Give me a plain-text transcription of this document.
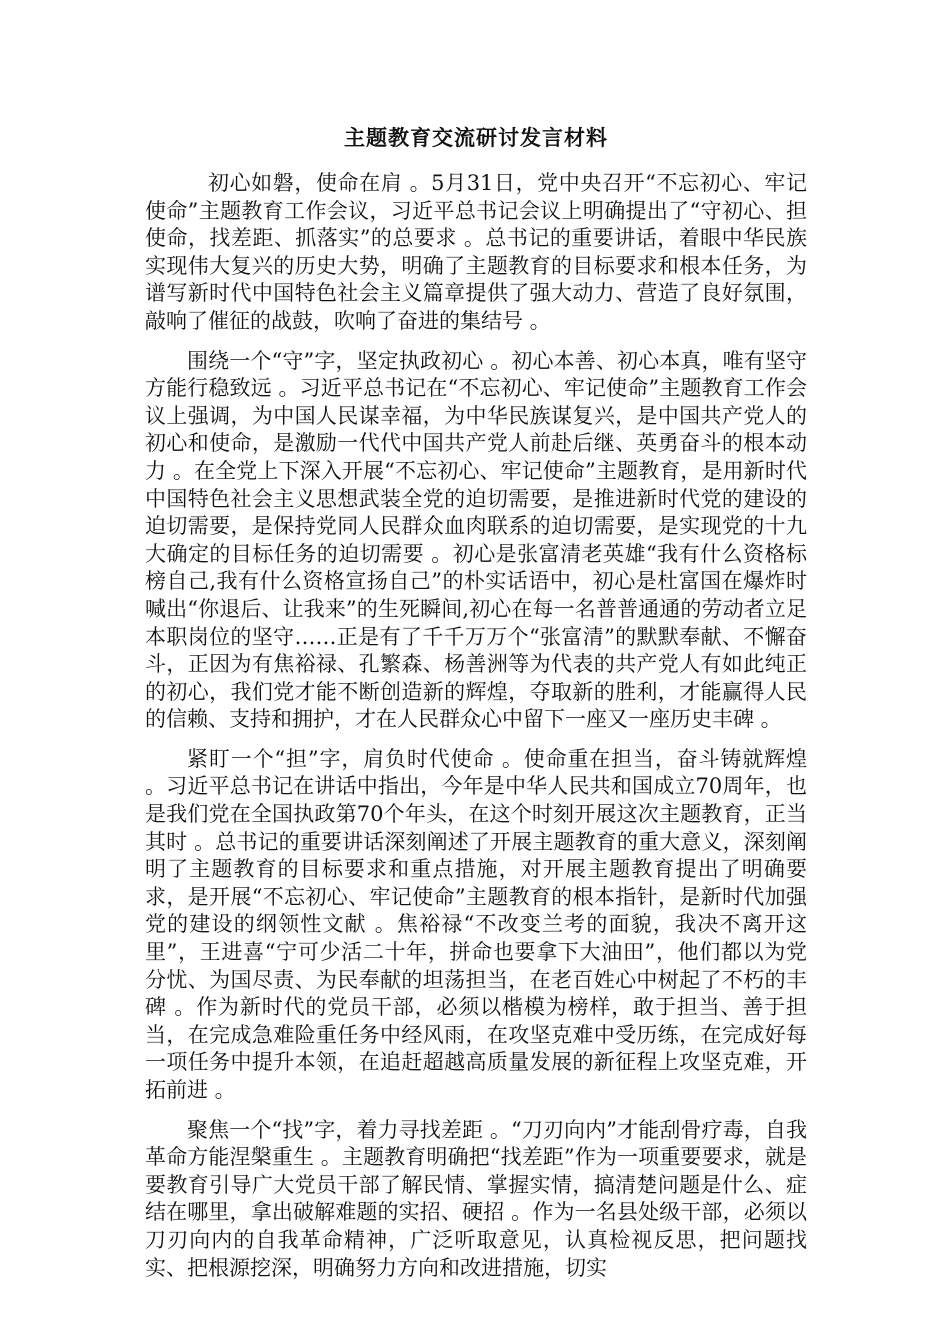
主题教育交流研讨发言材料

初心如磐，使命在肩 。5月31日，党中央召开“不忘初心、牢记使命”主题教育工作会议，习近平总书记会议上明确提出了“守初心、担使命，找差距、抓落实”的总要求 。总书记的重要讲话，着眼中华民族实现伟大复兴的历史大势，明确了主题教育的目标要求和根本任务，为谱写新时代中国特色社会主义篇章提供了强大动力、营造了良好氛围，敲响了催征的战鼓，吹响了奋进的集结号 。

围绕一个“守”字，坚定执政初心 。初心本善、初心本真，唯有坚守方能行稳致远 。习近平总书记在“不忘初心、牢记使命”主题教育工作会议上强调，为中国人民谋幸福，为中华民族谋复兴，是中国共产党人的初心和使命，是激励一代代中国共产党人前赴后继、英勇奋斗的根本动力 。在全党上下深入开展“不忘初心、牢记使命”主题教育，是用新时代中国特色社会主义思想武装全党的迫切需要，是推进新时代党的建设的迫切需要，是保持党同人民群众血肉联系的迫切需要，是实现党的十九大确定的目标任务的迫切需要 。初心是张富清老英雄“我有什么资格标榜自己,我有什么资格宣扬自己”的朴实话语中，初心是杜富国在爆炸时喊出“你退后、让我来”的生死瞬间,初心在每一名普普通通的劳动者立足本职岗位的坚守……正是有了千千万万个“张富清”的默默奉献、不懈奋斗，正因为有焦裕禄、孔繁森、杨善洲等为代表的共产党人有如此纯正的初心，我们党才能不断创造新的辉煌，夺取新的胜利，才能赢得人民的信赖、支持和拥护，才在人民群众心中留下一座又一座历史丰碑 。

紧盯一个“担”字，肩负时代使命 。使命重在担当，奋斗铸就辉煌 。习近平总书记在讲话中指出，今年是中华人民共和国成立70周年，也是我们党在全国执政第70个年头，在这个时刻开展这次主题教育，正当其时 。总书记的重要讲话深刻阐述了开展主题教育的重大意义，深刻阐明了主题教育的目标要求和重点措施，对开展主题教育提出了明确要求，是开展“不忘初心、牢记使命”主题教育的根本指针，是新时代加强党的建设的纲领性文献 。焦裕禄“不改变兰考的面貌，我决不离开这里”，王进喜“宁可少活二十年，拼命也要拿下大油田”，他们都以为党分忧、为国尽责、为民奉献的坦荡担当，在老百姓心中树起了不朽的丰碑 。作为新时代的党员干部，必须以楷模为榜样，敢于担当、善于担当，在完成急难险重任务中经风雨，在攻坚克难中受历练，在完成好每一项任务中提升本领，在追赶超越高质量发展的新征程上攻坚克难，开拓前进 。

聚焦一个“找”字，着力寻找差距 。“刀刃向内”才能刮骨疗毒，自我革命方能涅槃重生 。主题教育明确把“找差距”作为一项重要要求，就是要教育引导广大党员干部了解民情、掌握实情，搞清楚问题是什么、症结在哪里，拿出破解难题的实招、硬招 。作为一名县处级干部，必须以刀刃向内的自我革命精神，广泛听取意见，认真检视反思，把问题找实、把根源挖深，明确努力方向和改进措施，切实
